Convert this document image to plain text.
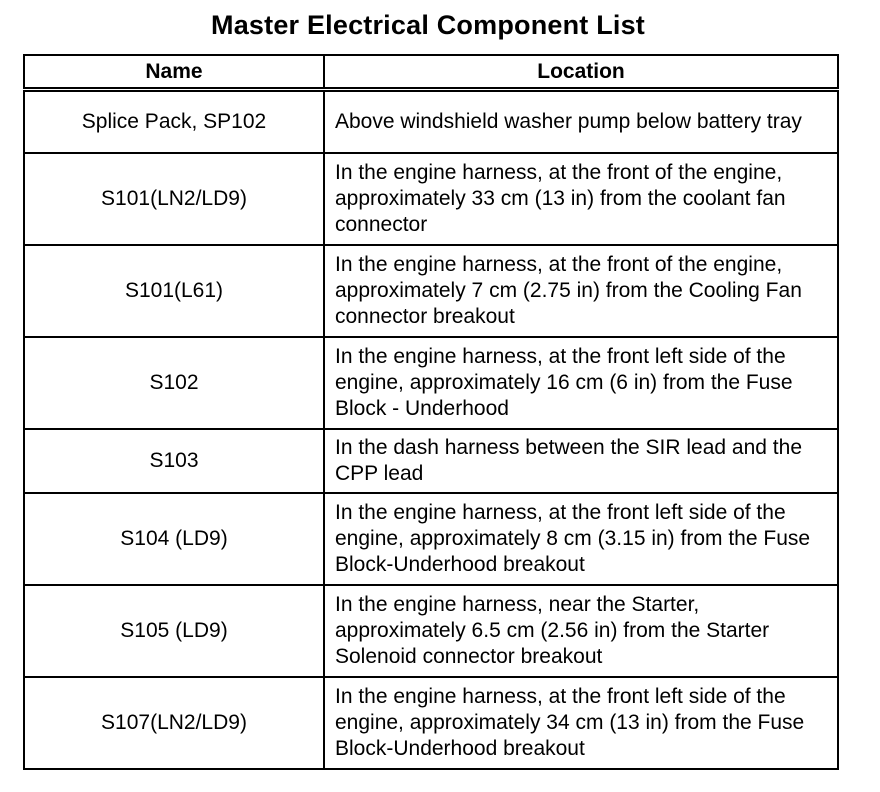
Master Electrical Component List
Name	Location
Splice Pack, SP102	Above windshield washer pump below battery tray
S101(LN2/LD9)	In the engine harness, at the front of the engine, approximately 33 cm (13 in) from the coolant fan connector
S101(L61)	In the engine harness, at the front of the engine, approximately 7 cm (2.75 in) from the Cooling Fan connector breakout
S102	In the engine harness, at the front left side of the engine, approximately 16 cm (6 in) from the Fuse Block - Underhood
S103	In the dash harness between the SIR lead and the CPP lead
S104 (LD9)	In the engine harness, at the front left side of the engine, approximately 8 cm (3.15 in) from the Fuse Block-Underhood breakout
S105 (LD9)	In the engine harness, near the Starter, approximately 6.5 cm (2.56 in) from the Starter Solenoid connector breakout
S107(LN2/LD9)	In the engine harness, at the front left side of the engine, approximately 34 cm (13 in) from the Fuse Block-Underhood breakout
